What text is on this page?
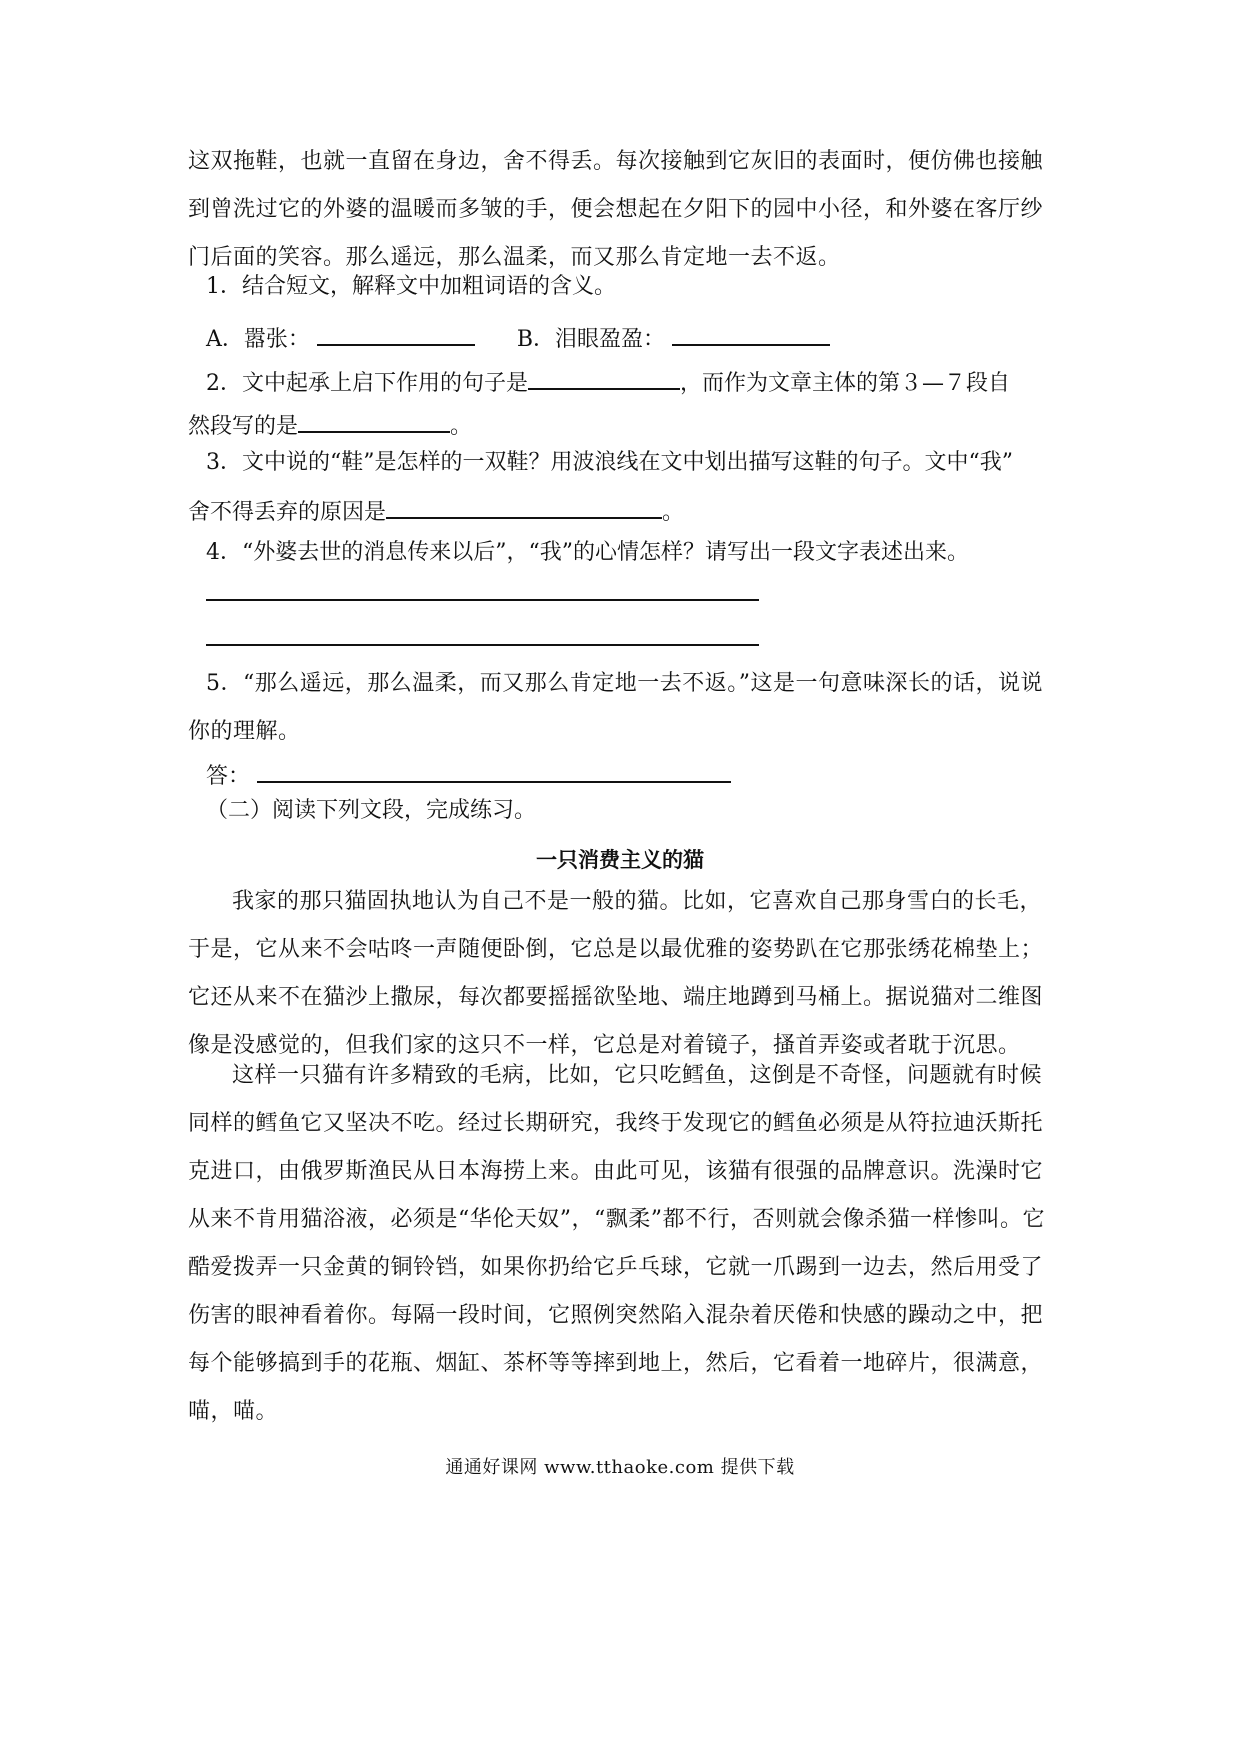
这双拖鞋，也就一直留在身边，舍不得丢。每次接触到它灰旧的表面时，便仿佛也接触到曾洗过它的外婆的温暖而多皱的手，便会想起在夕阳下的园中小径，和外婆在客厅纱门后面的笑容。那么遥远，那么温柔，而又那么肯定地一去不返。
1．结合短文，解释文中加粗词语的含义。
A．嚣张：	B．泪眼盈盈：
2．文中起承上启下作用的句子是	，而作为文章主体的第３—７段自
然段写的是	。
3．文中说的“鞋”是怎样的一双鞋？用波浪线在文中划出描写这鞋的句子。文中“我”
舍不得丢弃的原因是	。
4．“外婆去世的消息传来以后”，“我”的心情怎样？请写出一段文字表述出来。
5．“那么遥远，那么温柔，而又那么肯定地一去不返。”这是一句意味深长的话，说说你的理解。
答：
（二）阅读下列文段，完成练习。
一只消费主义的猫
我家的那只猫固执地认为自己不是一般的猫。比如，它喜欢自己那身雪白的长毛，于是，它从来不会咕咚一声随便卧倒，它总是以最优雅的姿势趴在它那张绣花棉垫上；它还从来不在猫沙上撒尿，每次都要摇摇欲坠地、端庄地蹲到马桶上。据说猫对二维图像是没感觉的，但我们家的这只不一样，它总是对着镜子，搔首弄姿或者耽于沉思。
这样一只猫有许多精致的毛病，比如，它只吃鳕鱼，这倒是不奇怪，问题就有时候同样的鳕鱼它又坚决不吃。经过长期研究，我终于发现它的鳕鱼必须是从符拉迪沃斯托克进口，由俄罗斯渔民从日本海捞上来。由此可见，该猫有很强的品牌意识。洗澡时它从来不肯用猫浴液，必须是“华伦天奴”，“飘柔”都不行，否则就会像杀猫一样惨叫。它酷爱拨弄一只金黄的铜铃铛，如果你扔给它乒乓球，它就一爪踢到一边去，然后用受了伤害的眼神看着你。每隔一段时间，它照例突然陷入混杂着厌倦和快感的躁动之中，把每个能够搞到手的花瓶、烟缸、茶杯等等摔到地上，然后，它看着一地碎片，很满意，喵，喵。
通通好课网 www.tthaoke.com 提供下载
